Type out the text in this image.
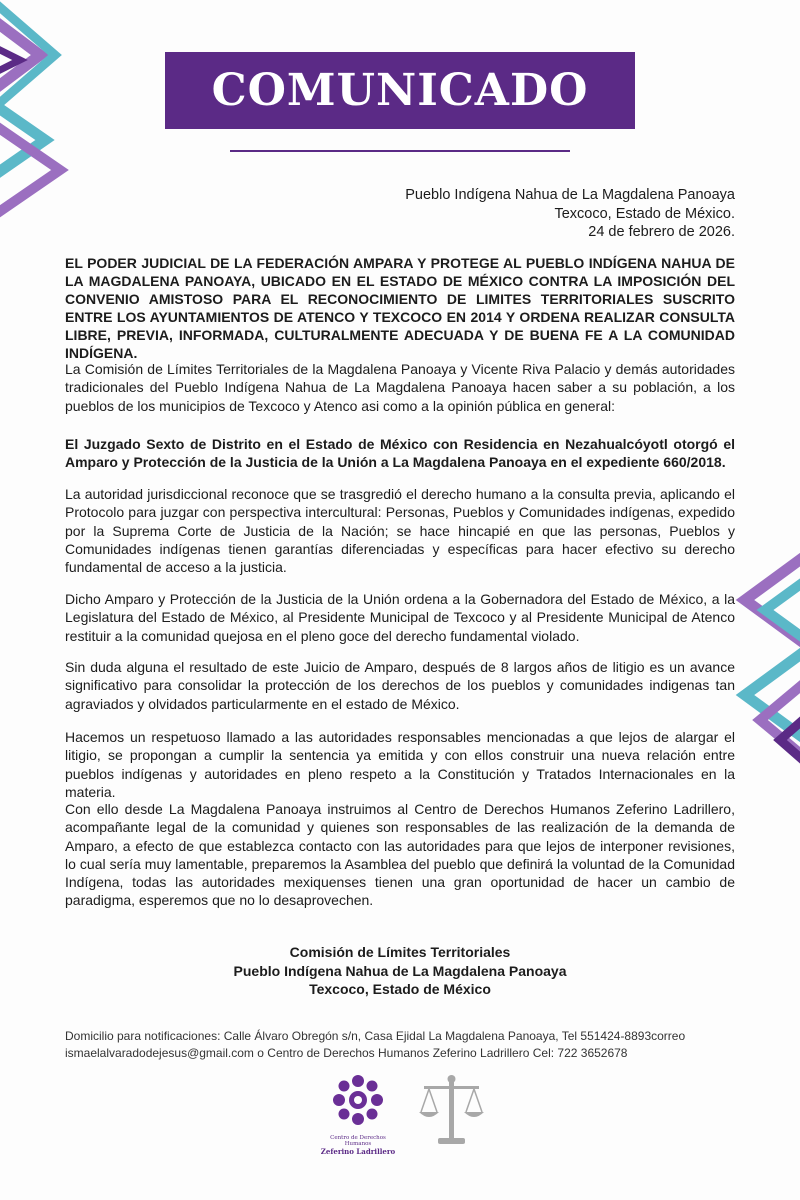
COMUNICADO
Pueblo Indígena Nahua de La Magdalena Panoaya
Texcoco, Estado de México.
24 de febrero de 2026.

EL PODER JUDICIAL DE LA FEDERACIÓN AMPARA Y PROTEGE AL PUEBLO INDÍGENA NAHUA DE LA MAGDALENA PANOAYA, UBICADO EN EL ESTADO DE MÉXICO CONTRA LA IMPOSICIÓN DEL CONVENIO AMISTOSO PARA EL RECONOCIMIENTO DE LIMITES TERRITORIALES SUSCRITO ENTRE LOS AYUNTAMIENTOS DE ATENCO Y TEXCOCO EN 2014 Y ORDENA REALIZAR CONSULTA LIBRE, PREVIA, INFORMADA, CULTURALMENTE ADECUADA Y DE BUENA FE A LA COMUNIDAD INDÍGENA.

La Comisión de Límites Territoriales de la Magdalena Panoaya y Vicente Riva Palacio y demás autoridades tradicionales del Pueblo Indígena Nahua de La Magdalena Panoaya hacen saber a su población, a los pueblos de los municipios de Texcoco y Atenco asi como a la opinión pública en general:

El Juzgado Sexto de Distrito en el Estado de México con Residencia en Nezahualcóyotl otorgó el Amparo y Protección de la Justicia de la Unión a La Magdalena Panoaya en el expediente 660/2018.

La autoridad jurisdiccional reconoce que se trasgredió el derecho humano a la consulta previa, aplicando el Protocolo para juzgar con perspectiva intercultural: Personas, Pueblos y Comunidades indígenas, expedido por la Suprema Corte de Justicia de la Nación; se hace hincapié en que las personas, Pueblos y Comunidades indígenas tienen garantías diferenciadas y específicas para hacer efectivo su derecho fundamental de acceso a la justicia.

Dicho Amparo y Protección de la Justicia de la Unión ordena a la Gobernadora del Estado de México, a la Legislatura del Estado de México, al Presidente Municipal de Texcoco y al Presidente Municipal de Atenco restituir a la comunidad quejosa en el pleno goce del derecho fundamental violado.

Sin duda alguna el resultado de este Juicio de Amparo, después de 8 largos años de litigio es un avance significativo para consolidar la protección de los derechos de los pueblos y comunidades indigenas tan agraviados y olvidados particularmente en el estado de México.

Hacemos un respetuoso llamado a las autoridades responsables mencionadas a que lejos de alargar el litigio, se propongan a cumplir la sentencia ya emitida y con ellos construir una nueva relación entre pueblos indígenas y autoridades en pleno respeto a la Constitución y Tratados Internacionales en la materia.

Con ello desde La Magdalena Panoaya instruimos al Centro de Derechos Humanos Zeferino Ladrillero, acompañante legal de la comunidad y quienes son responsables de las realización de la demanda de Amparo, a efecto de que establezca contacto con las autoridades para que lejos de interponer revisiones, lo cual sería muy lamentable, preparemos la Asamblea del pueblo que definirá la voluntad de la Comunidad Indígena, todas las autoridades mexiquenses tienen una gran oportunidad de hacer un cambio de paradigma, esperemos que no lo desaprovechen.

Comisión de Límites Territoriales
Pueblo Indígena Nahua de La Magdalena Panoaya
Texcoco, Estado de México
Domicilio para notificaciones: Calle Álvaro Obregón s/n, Casa Ejidal La Magdalena Panoaya, Tel 551424-8893correo ismaelalvaradodejesus@gmail.com o Centro de Derechos Humanos Zeferino Ladrillero Cel: 722 3652678
Centro de Derechos Humanos
Zeferino Ladrillero
